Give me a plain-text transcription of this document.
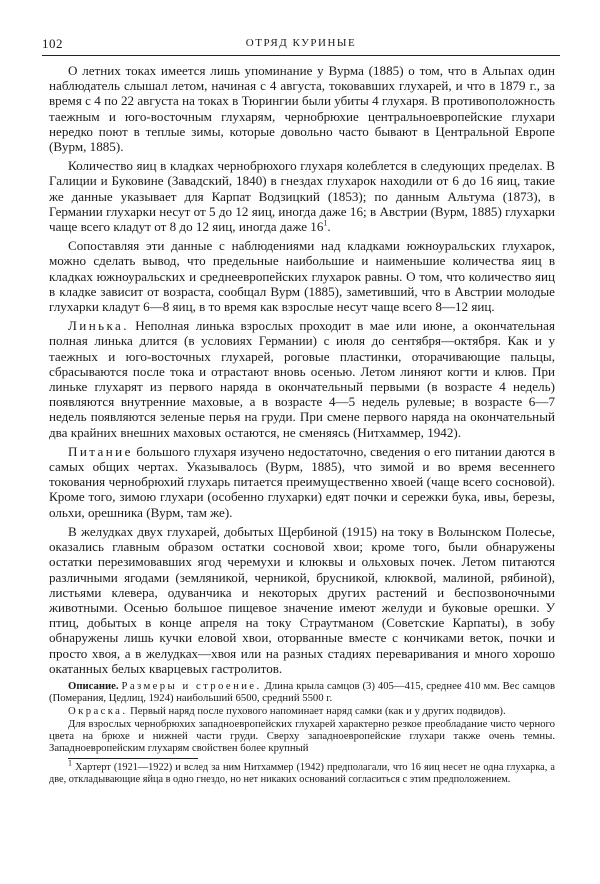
102	ОТРЯД КУРИНЫЕ

О летних токах имеется лишь упоминание у Вурма (1885) о том, что в Альпах один наблюдатель слышал летом, начиная с 4 августа, токовавших глухарей, и что в 1879 г., за время с 4 по 22 августа на токах в Тюрингии были убиты 4 глухаря. В противоположность таежным и юго-восточным глухарям, чернобрюхие центральноевропейские глухари нередко поют в теплые зимы, которые довольно часто бывают в Центральной Европе (Вурм, 1885).

Количество яиц в кладках чернобрюхого глухаря колеблется в следующих пределах. В Галиции и Буковине (Завадский, 1840) в гнездах глухарок находили от 6 до 16 яиц, такие же данные указывает для Карпат Водзицкий (1853); по данным Альтума (1873), в Германии глухарки несут от 5 до 12 яиц, иногда даже 16; в Австрии (Вурм, 1885) глухарки чаще всего кладут от 8 до 12 яиц, иногда даже $16^1$.

Сопоставляя эти данные с наблюдениями над кладками южноуральских глухарок, можно сделать вывод, что предельные наибольшие и наименьшие количества яиц в кладках южноуральских и среднеевропейских глухарок равны. О том, что количество яиц в кладке зависит от возраста, сообщал Вурм (1885), заметивший, что в Австрии молодые глухарки кладут 6—8 яиц, в то время как взрослые несут чаще всего 8—12 яиц.

Линька. Неполная линька взрослых проходит в мае или июне, а окончательная полная линька длится (в условиях Германии) с июля до сентября—октября. Как и у таежных и юго-восточных глухарей, роговые пластинки, оторачивающие пальцы, сбрасываются после тока и отрастают вновь осенью. Летом линяют когти и клюв. При линьке глухарят из первого наряда в окончательный первыми (в возрасте 4 недель) появляются внутренние маховые, а в возрасте 4—5 недель рулевые; в возрасте 6—7 недель появляются зеленые перья на груди. При смене первого наряда на окончательный два крайних внешних маховых остаются, не сменяясь (Нитхаммер, 1942).

Питание большого глухаря изучено недостаточно, сведения о его питании даются в самых общих чертах. Указывалось (Вурм, 1885), что зимой и во время весеннего токования чернобрюхий глухарь питается преимущественно хвоей (чаще всего сосновой). Кроме того, зимою глухари (особенно глухарки) едят почки и сережки бука, ивы, березы, ольхи, орешника (Вурм, там же).

В желудках двух глухарей, добытых Щербиной (1915) на току в Волынском Полесье, оказались главным образом остатки сосновой хвои; кроме того, были обнаружены остатки перезимовавших ягод черемухи и клюквы и ольховых почек. Летом питаются различными ягодами (земляникой, черникой, брусникой, клюквой, малиной, рябиной), листьями клевера, одуванчика и некоторых других растений и беспозвоночными животными. Осенью большое пищевое значение имеют желуди и буковые орешки. У птиц, добытых в конце апреля на току Страутманом (Советские Карпаты), в зобу обнаружены лишь кучки еловой хвои, оторванные вместе с кончиками веток, почки и просто хвоя, а в желудках—хвоя или на разных стадиях переваривания и много хорошо окатанных белых кварцевых гастролитов.

Описание. Размеры и строение. Длина крыла самцов (3) 405—415, среднее 410 мм. Вес самцов (Померания, Цедлиц, 1924) наибольший 6500, средний 5500 г.

Окраска. Первый наряд после пухового напоминает наряд самки (как и у других подвидов).

Для взрослых чернобрюхих западноевропейских глухарей характерно резкое преобладание чисто черного цвета на брюхе и нижней части груди. Сверху западноевропейские глухари также очень темны. Западноевропейским глухарям свойствен более крупный

$^1$ Хартерт (1921—1922) и вслед за ним Нитхаммер (1942) предполагали, что 16 яиц несет не одна глухарка, а две, откладывающие яйца в одно гнездо, но нет никаких оснований согласиться с этим предположением.
